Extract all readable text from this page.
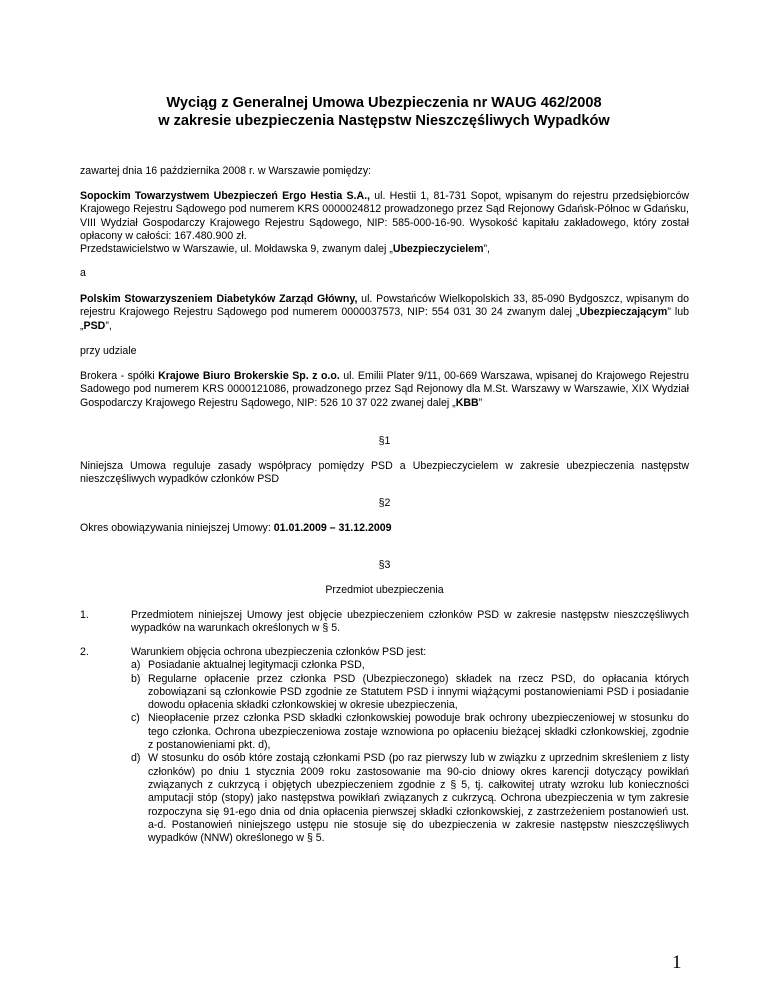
Wyciąg z Generalnej Umowa Ubezpieczenia nr WAUG 462/2008
w zakresie ubezpieczenia Następstw Nieszczęśliwych Wypadków
zawartej dnia 16 października 2008 r. w Warszawie pomiędzy:
Sopockim Towarzystwem Ubezpieczeń Ergo Hestia S.A., ul. Hestii 1, 81-731 Sopot, wpisanym do rejestru przedsiębiorców Krajowego Rejestru Sądowego pod numerem KRS 0000024812 prowadzonego przez Sąd Rejonowy Gdańsk-Północ w Gdańsku, VIII Wydział Gospodarczy Krajowego Rejestru Sądowego, NIP: 585-000-16-90. Wysokość kapitału zakładowego, który został opłacony w całości: 167.480.900 zł.
Przedstawicielstwo w Warszawie, ul. Mołdawska 9, zwanym dalej „Ubezpieczycielem”,
a
Polskim Stowarzyszeniem Diabetyków Zarząd Główny, ul. Powstańców Wielkopolskich 33, 85-090 Bydgoszcz, wpisanym do rejestru Krajowego Rejestru Sądowego pod numerem 0000037573, NIP: 554 031 30 24 zwanym dalej „Ubezpieczającym” lub „PSD”,
przy udziale
Brokera - spółki Krajowe Biuro Brokerskie Sp. z o.o. ul. Emilii Plater 9/11, 00-669 Warszawa, wpisanej do Krajowego Rejestru Sadowego pod numerem KRS 0000121086, prowadzonego przez Sąd Rejonowy dla M.St. Warszawy w Warszawie, XIX Wydział Gospodarczy Krajowego Rejestru Sądowego, NIP: 526 10 37 022 zwanej dalej „KBB”
§1
Niniejsza Umowa reguluje zasady współpracy pomiędzy PSD a Ubezpieczycielem w zakresie ubezpieczenia następstw nieszczęśliwych wypadków członków PSD
§2
Okres obowiązywania niniejszej Umowy: 01.01.2009 – 31.12.2009
§3
Przedmiot ubezpieczenia
1.	Przedmiotem niniejszej Umowy jest objęcie ubezpieczeniem członków PSD w zakresie następstw nieszczęśliwych wypadków na warunkach określonych w § 5.
2.	Warunkiem objęcia ochrona ubezpieczenia członków PSD jest:
a) Posiadanie aktualnej legitymacji członka PSD,
b) Regularne opłacenie przez członka PSD (Ubezpieczonego) składek na rzecz PSD, do opłacania których zobowiązani są członkowie PSD zgodnie ze Statutem PSD i innymi wiążącymi postanowieniami PSD i posiadanie dowodu opłacenia składki członkowskiej w okresie ubezpieczenia,
c) Nieopłacenie przez członka PSD składki członkowskiej powoduje brak ochrony ubezpieczeniowej w stosunku do tego członka. Ochrona ubezpieczeniowa zostaje wznowiona po opłaceniu bieżącej składki członkowskiej, zgodnie z postanowieniami pkt. d),
d) W stosunku do osób które zostają członkami PSD (po raz pierwszy lub w związku z uprzednim skreśleniem z listy członków) po dniu 1 stycznia 2009 roku zastosowanie ma 90-cio dniowy okres karencji dotyczący powikłań związanych z cukrzycą i objętych ubezpieczeniem zgodnie z § 5, tj. całkowitej utraty wzroku lub konieczności amputacji stóp (stopy) jako następstwa powikłań związanych z cukrzycą. Ochrona ubezpieczenia w tym zakresie rozpoczyna się 91-ego dnia od dnia opłacenia pierwszej składki członkowskiej, z zastrzeżeniem postanowień ust. a-d. Postanowień niniejszego ustępu nie stosuje się do ubezpieczenia w zakresie następstw nieszczęśliwych wypadków (NNW) określonego w § 5.
1
